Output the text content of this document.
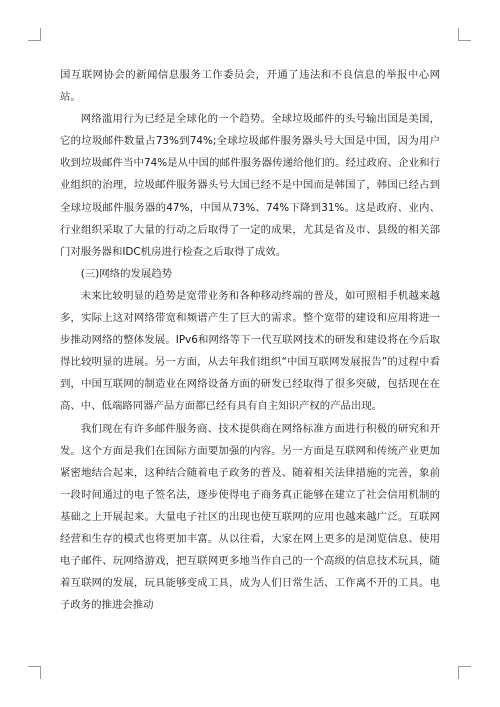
国互联网协会的新闻信息服务工作委员会，开通了违法和不良信息的举报中心网站。

网络滥用行为已经是全球化的一个趋势。全球垃圾邮件的头号输出国是美国，它的垃圾邮件数量占73%到74%;全球垃圾邮件服务器头号大国是中国，因为用户收到垃圾邮件当中74%是从中国的邮件服务器传递给他们的。经过政府、企业和行业组织的治理，垃圾邮件服务器头号大国已经不是中国而是韩国了，韩国已经占到全球垃圾邮件服务器的47%，中国从73%、74%下降到31%。这是政府、业内、行业组织采取了大量的行动之后取得了一定的成果，尤其是省及市、县级的相关部门对服务器和IDC机房进行检查之后取得了成效。

(三)网络的发展趋势

未来比较明显的趋势是宽带业务和各种移动终端的普及，如可照相手机越来越多，实际上这对网络带宽和频谱产生了巨大的需求。整个宽带的建设和应用将进一步推动网络的整体发展。IPv6和网络等下一代互联网技术的研发和建设将在今后取得比较明显的进展。另一方面，从去年我们组织“中国互联网发展报告”的过程中看到，中国互联网的制造业在网络设备方面的研发已经取得了很多突破，包括现在在高、中、低端路同器产品方面都已经有具有自主知识产权的产品出现。

我们现在有许多邮件服务商、技术提供商在网络标准方面进行积极的研究和开发。这个方面是我们在国际方面要加强的内容。另一方面是互联网和传统产业更加紧密地结合起来，这种结合随着电子政务的普及、随着相关法律措施的完善，象前一段时间通过的电子签名法，逐步使得电子商务真正能够在建立了社会信用机制的基础之上开展起来。大量电子社区的出现也使互联网的应用也越来越广泛。互联网经营和生存的模式也将更加丰富。从以往看，大家在网上更多的是浏览信息、使用电子邮件、玩网络游戏，把互联网更多地当作自己的一个高级的信息技术玩具，随着互联网的发展，玩具能够变成工具，成为人们日常生活、工作离不开的工具。电子政务的推进会推动
